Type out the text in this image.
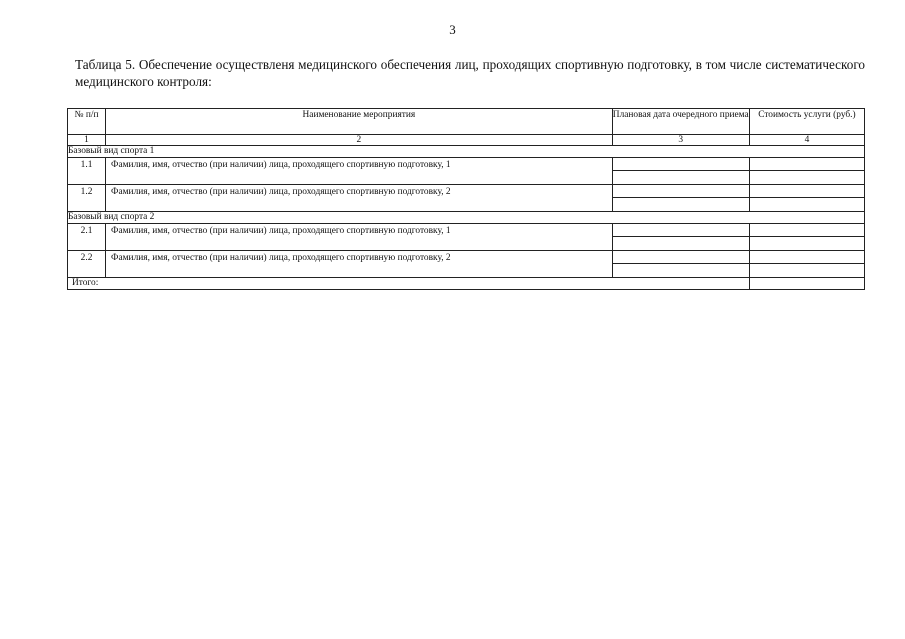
3
Таблица 5. Обеспечение осуществленя медицинского обеспечения лиц, проходящих спортивную подготовку, в том числе систематического медицинского контроля:
№ п/п	Наименование мероприятия	Плановая дата очередного приема	Стоимость услуги (руб.)

1	2	3	4
Базовый вид спорта 1			
1.1	Фамилия, имя, отчество (при наличии) лица, проходящего спортивную подготовку, 1	

1.2	Фамилия, имя, отчество (при наличии) лица, проходящего спортивную подготовку, 2	

Базовый вид спорта 2			
2.1	Фамилия, имя, отчество (при наличии) лица, проходящего спортивную подготовку, 1	

2.2	Фамилия, имя, отчество (при наличии) лица, проходящего спортивную подготовку, 2	

Итого:			
